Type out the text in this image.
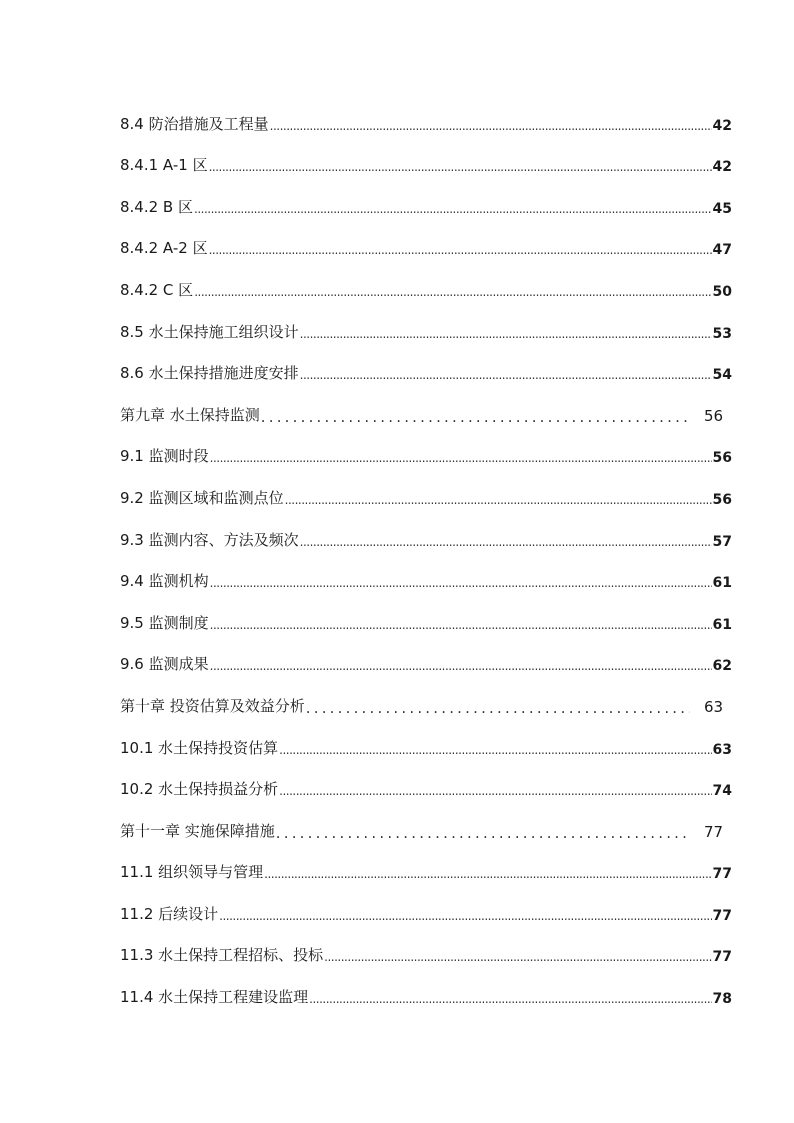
8.4 防治措施及工程量 .....	42
8.4.1 A-1 区 .....	42
8.4.2 B 区 .....	45
8.4.2 A-2 区 .....	47
8.4.2 C 区 .....	50
8.5 水土保持施工组织设计 .....	53
8.6 水土保持措施进度安排 .....	54
第九章 水土保持监测 .....	56
9.1 监测时段 .....	56
9.2 监测区域和监测点位 .....	56
9.3 监测内容、方法及频次 .....	57
9.4 监测机构 .....	61
9.5 监测制度 .....	61
9.6 监测成果 .....	62
第十章 投资估算及效益分析 .....	63
10.1 水土保持投资估算 .....	63
10.2 水土保持损益分析 .....	74
第十一章 实施保障措施 .....	77
11.1 组织领导与管理 .....	77
11.2 后续设计 .....	77
11.3 水土保持工程招标、投标 .....	77
11.4 水土保持工程建设监理 .....	78
